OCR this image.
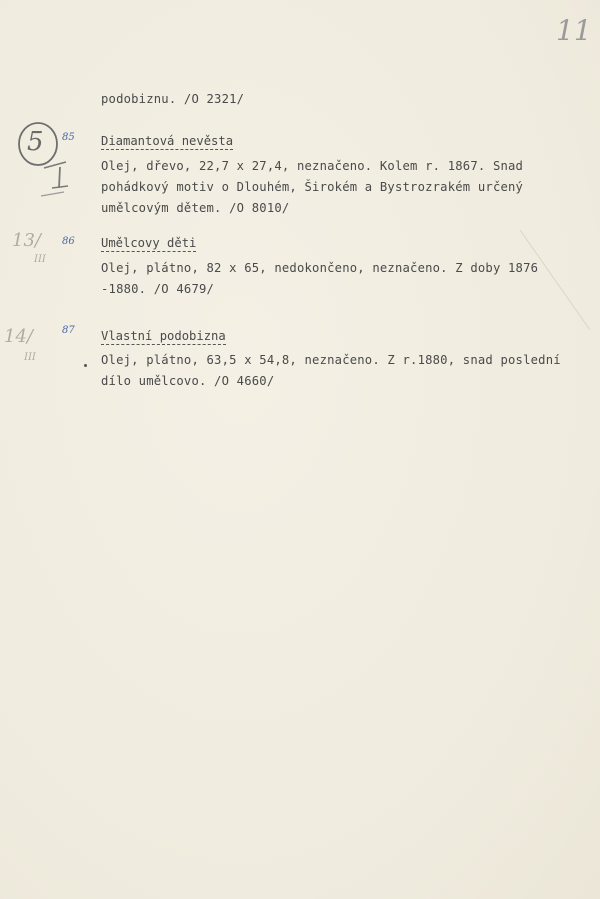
11
podobiznu. /O 2321/
5 85 Diamantová nevěsta
Olej, dřevo, 22,7 x 27,4, neznačeno. Kolem r. 1867. Snad
pohádkový motiv o Dlouhém, Širokém a Bystrozrakém určený
umělcovým dětem. /O 8010/
13/
III
86 Umělcovy děti
Olej, plátno, 82 x 65, nedokončeno, neznačeno. Z doby 1876
-1880. /O 4679/
14/
III
87 Vlastní podobizna
Olej, plátno, 63,5 x 54,8, neznačeno. Z r.1880, snad poslední
dílo umělcovo. /O 4660/
